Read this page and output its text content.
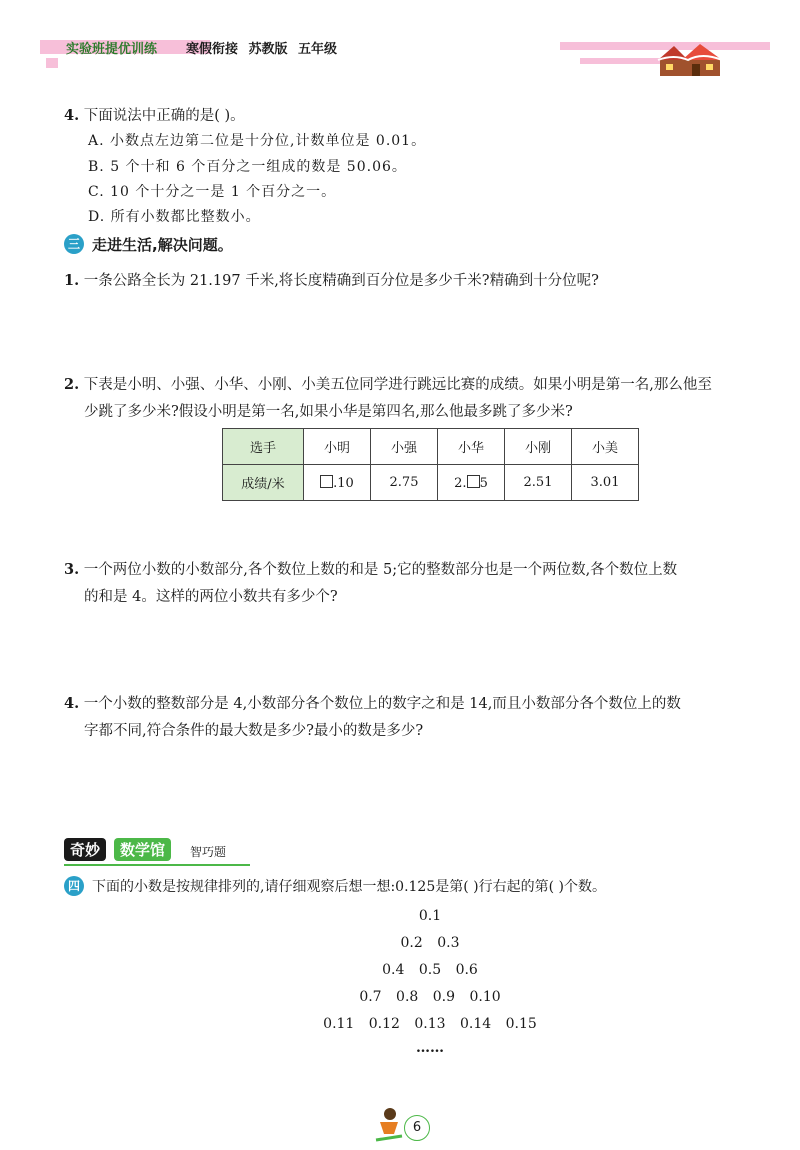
实验班提优训练 寒假衔接 苏教版 五年级
4. 下面说法中正确的是( )。
A. 小数点左边第二位是十分位,计数单位是 0.01。
B. 5 个十和 6 个百分之一组成的数是 50.06。
C. 10 个十分之一是 1 个百分之一。
D. 所有小数都比整数小。
三 走进生活,解决问题。
1. 一条公路全长为 21.197 千米,将长度精确到百分位是多少千米?精确到十分位呢?
2. 下表是小明、小强、小华、小刚、小美五位同学进行跳远比赛的成绩。如果小明是第一名,那么他至
少跳了多少米?假设小明是第一名,如果小华是第四名,那么他最多跳了多少米?
选手	小明	小强	小华	小刚	小美
成绩/米	.10	2.75	2. 5	2.51	3.01
3. 一个两位小数的小数部分,各个数位上数的和是 5;它的整数部分也是一个两位数,各个数位上数
的和是 4。这样的两位小数共有多少个?
4. 一个小数的整数部分是 4,小数部分各个数位上的数字之和是 14,而且小数部分各个数位上的数
字都不同,符合条件的最大数是多少?最小的数是多少?
奇妙	数学馆	智巧题
四 下面的小数是按规律排列的,请仔细观察后想一想:0.125是第( )行右起的第( )个数。
0.1
0.2 0.3
0.4 0.5 0.6
0.7 0.8 0.9 0.10
0.11 0.12 0.13 0.14 0.15
……
6
